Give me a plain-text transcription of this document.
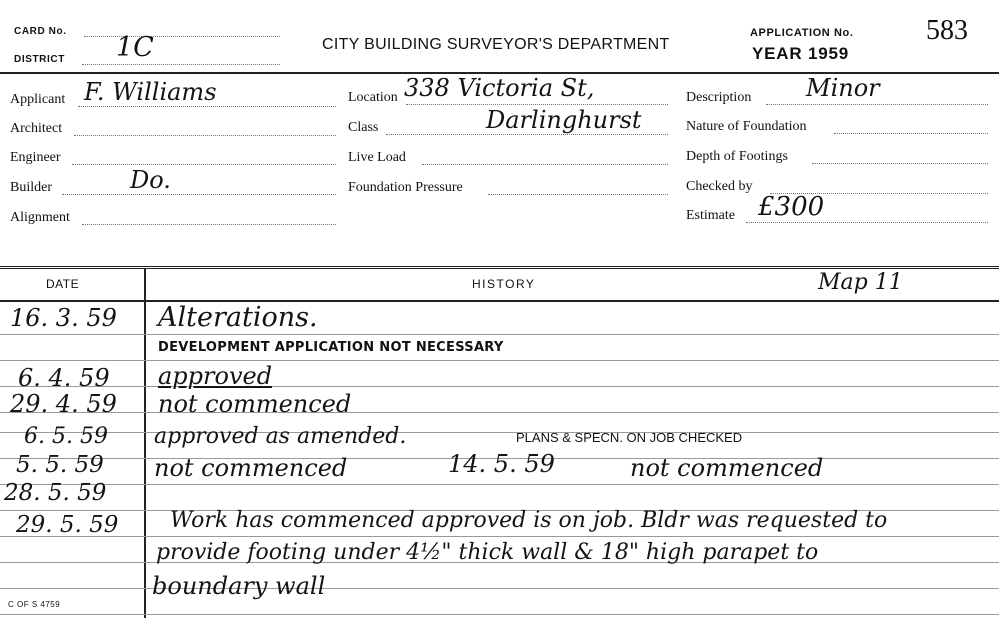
CARD No.
DISTRICT 1C	CITY BUILDING SURVEYOR'S DEPARTMENT
APPLICATION No.	583
YEAR 1959
Applicant F. Williams
Architect
Engineer
Builder	Do.
Alignment
Location 338 Victoria St,
Class	Darlinghurst
Live Load
Foundation Pressure
Description Minor
Nature of Foundation
Depth of Footings
Checked by
Estimate £300
DATE	HISTORY	Map 11
16. 3. 59 Alterations.
DEVELOPMENT APPLICATION NOT NECESSARY
6. 4. 59 approved
29. 4. 59 not commenced
6. 5. 59 approved as amended.	PLANS & SPECN. ON JOB CHECKED
5. 5. 59 not commenced	14. 5. 59	not commenced
28. 5. 59
29. 5. 59 Work has commenced approved is on job. Bldr was requested to
provide footing under 4½" thick wall & 18" high parapet to
boundary wall
C OF S 4759
